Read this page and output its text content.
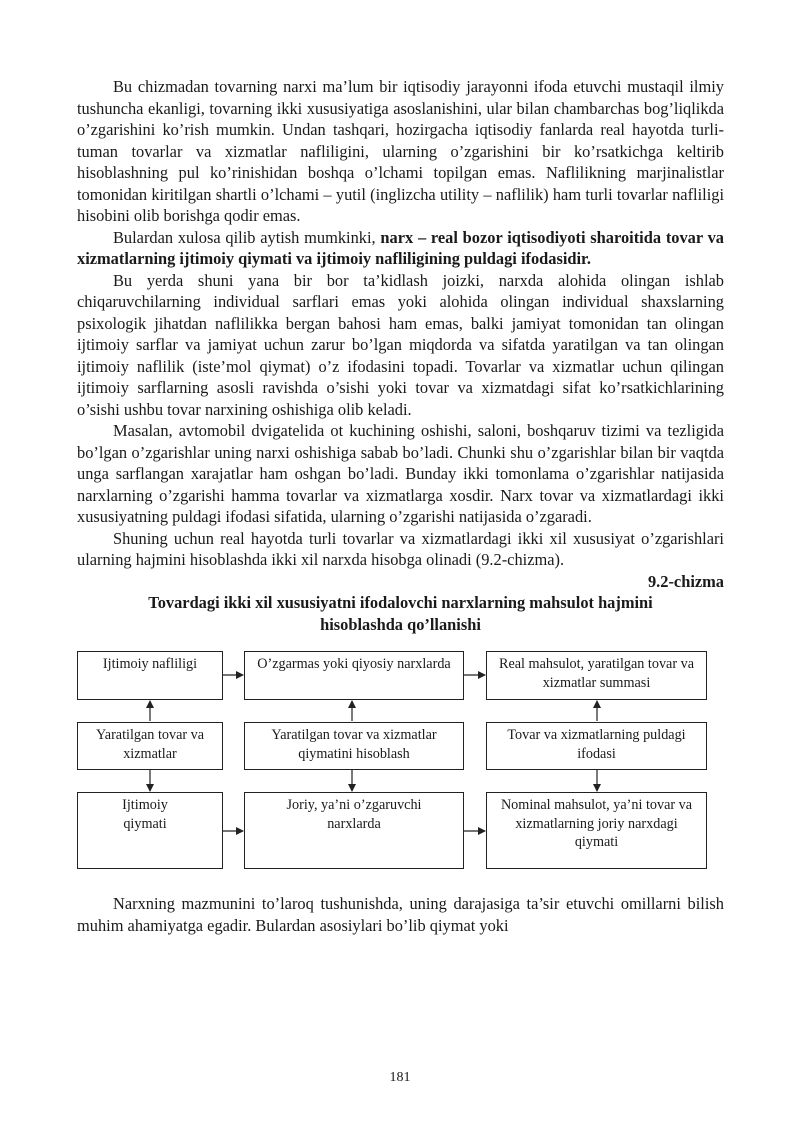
Bu chizmadan tovarning narxi ma’lum bir iqtisodiy jarayonni ifoda etuvchi mustaqil ilmiy tushuncha ekanligi, tovarning ikki xususiyatiga asoslanishini, ular bilan chambarchas bog’liqlikda o’zgarishini ko’rish mumkin. Undan tashqari, hozirgacha iqtisodiy fanlarda real hayotda turli-tuman tovarlar va xizmatlar nafliligini, ularning o’zgarishini bir ko’rsatkichga keltirib hisoblashning pul ko’rinishidan boshqa o’lchami topilgan emas. Naflilikning marjinalistlar tomonidan kiritilgan shartli o’lchami – yutil (inglizcha utility – naflilik) ham turli tovarlar nafliligi hisobini olib borishga qodir emas.

Bulardan xulosa qilib aytish mumkinki, narx – real bozor iqtisodiyoti sharoitida tovar va xizmatlarning ijtimoiy qiymati va ijtimoiy nafliligining puldagi ifodasidir.

Bu yerda shuni yana bir bor ta’kidlash joizki, narxda alohida olingan ishlab chiqaruvchilarning individual sarflari emas yoki alohida olingan individual shaxslarning psixologik jihatdan naflilikka bergan bahosi ham emas, balki jamiyat tomonidan tan olingan ijtimoiy sarflar va jamiyat uchun zarur bo’lgan miqdorda va sifatda yaratilgan va tan olingan ijtimoiy naflilik (iste’mol qiymat) o’z ifodasini topadi. Tovarlar va xizmatlar uchun qilingan ijtimoiy sarflarning asosli ravishda o’sishi yoki tovar va xizmatdagi sifat ko’rsatkichlarining o’sishi ushbu tovar narxining oshishiga olib keladi.

Masalan, avtomobil dvigatelida ot kuchining oshishi, saloni, boshqaruv tizimi va tezligida bo’lgan o’zgarishlar uning narxi oshishiga sabab bo’ladi. Chunki shu o’zgarishlar bilan bir vaqtda unga sarflangan xarajatlar ham oshgan bo’ladi. Bunday ikki tomonlama o’zgarishlar natijasida narxlarning o’zgarishi hamma tovarlar va xizmatlarga xosdir. Narx tovar va xizmatlardagi ikki xususiyatning puldagi ifodasi sifatida, ularning o’zgarishi natijasida o’zgaradi.

Shuning uchun real hayotda turli tovarlar va xizmatlardagi ikki xil xususiyat o’zgarishlari ularning hajmini hisoblashda ikki xil narxda hisobga olinadi (9.2-chizma).

9.2-chizma

Tovardagi ikki xil xususiyatni ifodalovchi narxlarning mahsulot hajmini hisoblashda qo’llanishi

Ijtimoiy nafliligi	O’zgarmas yoki qiyosiy narxlarda	Real mahsulot, yaratilgan tovar va xizmatlar summasi
Yaratilgan tovar va xizmatlar
Yaratilgan tovar va xizmatlar qiymatini hisoblash
Tovar va xizmatlarning puldagi ifodasi
Ijtimoiy qiymati
Joriy, ya’ni o’zgaruvchi narxlarda
Nominal mahsulot, ya’ni tovar va xizmatlarning joriy narxdagi qiymati

Narxning mazmunini to’laroq tushunishda, uning darajasiga ta’sir etuvchi omillarni bilish muhim ahamiyatga egadir. Bulardan asosiylari bo’lib qiymat yoki

181
